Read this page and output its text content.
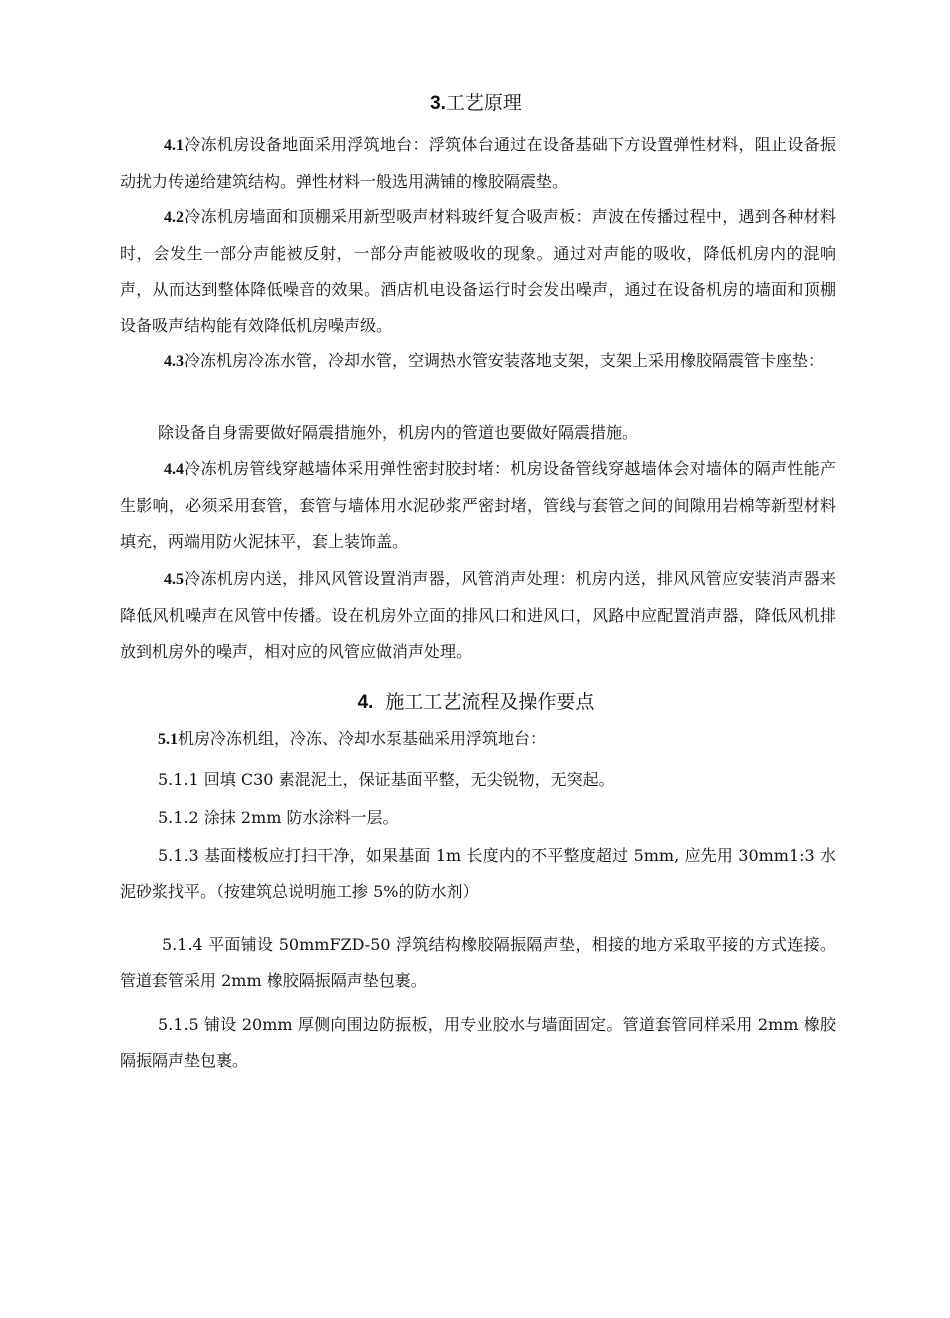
3.工艺原理
4.1冷冻机房设备地面采用浮筑地台：浮筑体台通过在设备基础下方设置弹性材料，阻止设备振动扰力传递给建筑结构。弹性材料一般选用满铺的橡胶隔震垫。
4.2冷冻机房墙面和顶棚采用新型吸声材料玻纤复合吸声板：声波在传播过程中，遇到各种材料时，会发生一部分声能被反射，一部分声能被吸收的现象。通过对声能的吸收，降低机房内的混响声，从而达到整体降低噪音的效果。酒店机电设备运行时会发出噪声，通过在设备机房的墙面和顶棚设备吸声结构能有效降低机房噪声级。
4.3冷冻机房冷冻水管，冷却水管，空调热水管安装落地支架，支架上采用橡胶隔震管卡座垫：
除设备自身需要做好隔震措施外，机房内的管道也要做好隔震措施。
4.4冷冻机房管线穿越墙体采用弹性密封胶封堵：机房设备管线穿越墙体会对墙体的隔声性能产生影响，必须采用套管，套管与墙体用水泥砂浆严密封堵，管线与套管之间的间隙用岩棉等新型材料填充，两端用防火泥抹平，套上装饰盖。
4.5冷冻机房内送，排风风管设置消声器，风管消声处理：机房内送，排风风管应安装消声器来降低风机噪声在风管中传播。设在机房外立面的排风口和进风口，风路中应配置消声器，降低风机排放到机房外的噪声，相对应的风管应做消声处理。
4. 施工工艺流程及操作要点
5.1机房冷冻机组，冷冻、冷却水泵基础采用浮筑地台：
5.1.1 回填 C30 素混泥土，保证基面平整，无尖锐物，无突起。
5.1.2 涂抹 2mm 防水涂料一层。
5.1.3 基面楼板应打扫干净，如果基面 1m 长度内的不平整度超过 5mm, 应先用 30mm1:3 水泥砂浆找平。（按建筑总说明施工掺 5%的防水剂）
5.1.4 平面铺设 50mmFZD-50 浮筑结构橡胶隔振隔声垫，相接的地方采取平接的方式连接。管道套管采用 2mm 橡胶隔振隔声垫包裹。
5.1.5 铺设 20mm 厚侧向围边防振板，用专业胶水与墙面固定。管道套管同样采用 2mm 橡胶隔振隔声垫包裹。
